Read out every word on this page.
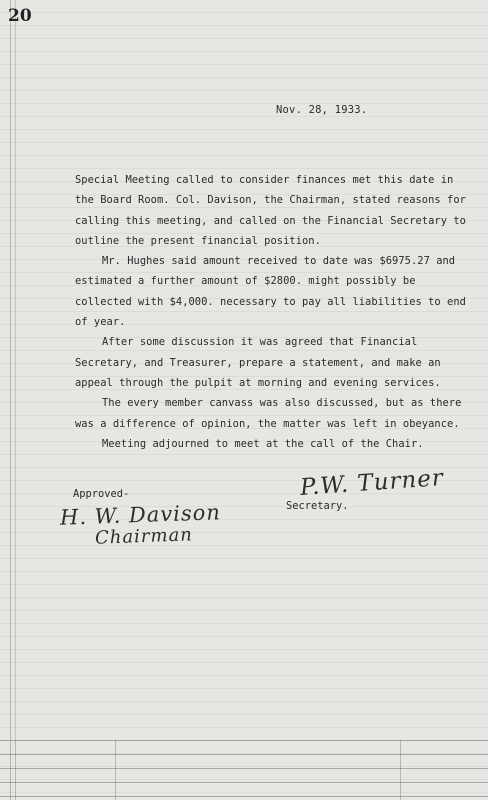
20
Nov. 28, 1933.

Special Meeting called to consider finances met this date in the Board Room. Col. Davison, the Chairman, stated reasons for calling this meeting, and called on the Financial Secretary to outline the present financial position.

Mr. Hughes said amount received to date was $6975.27 and estimated a further amount of $2800. might possibly be collected with $4,000. necessary to pay all liabilities to end of year.

After some discussion it was agreed that Financial Secretary, and Treasurer, prepare a statement, and make an appeal through the pulpit at morning and evening services.

The every member canvass was also discussed, but as there was a difference of opinion, the matter was left in obeyance.

Meeting adjourned to meet at the call of the Chair.

P.W. Turner
Secretary.
Approved-
H. W. Davison
Chairman
